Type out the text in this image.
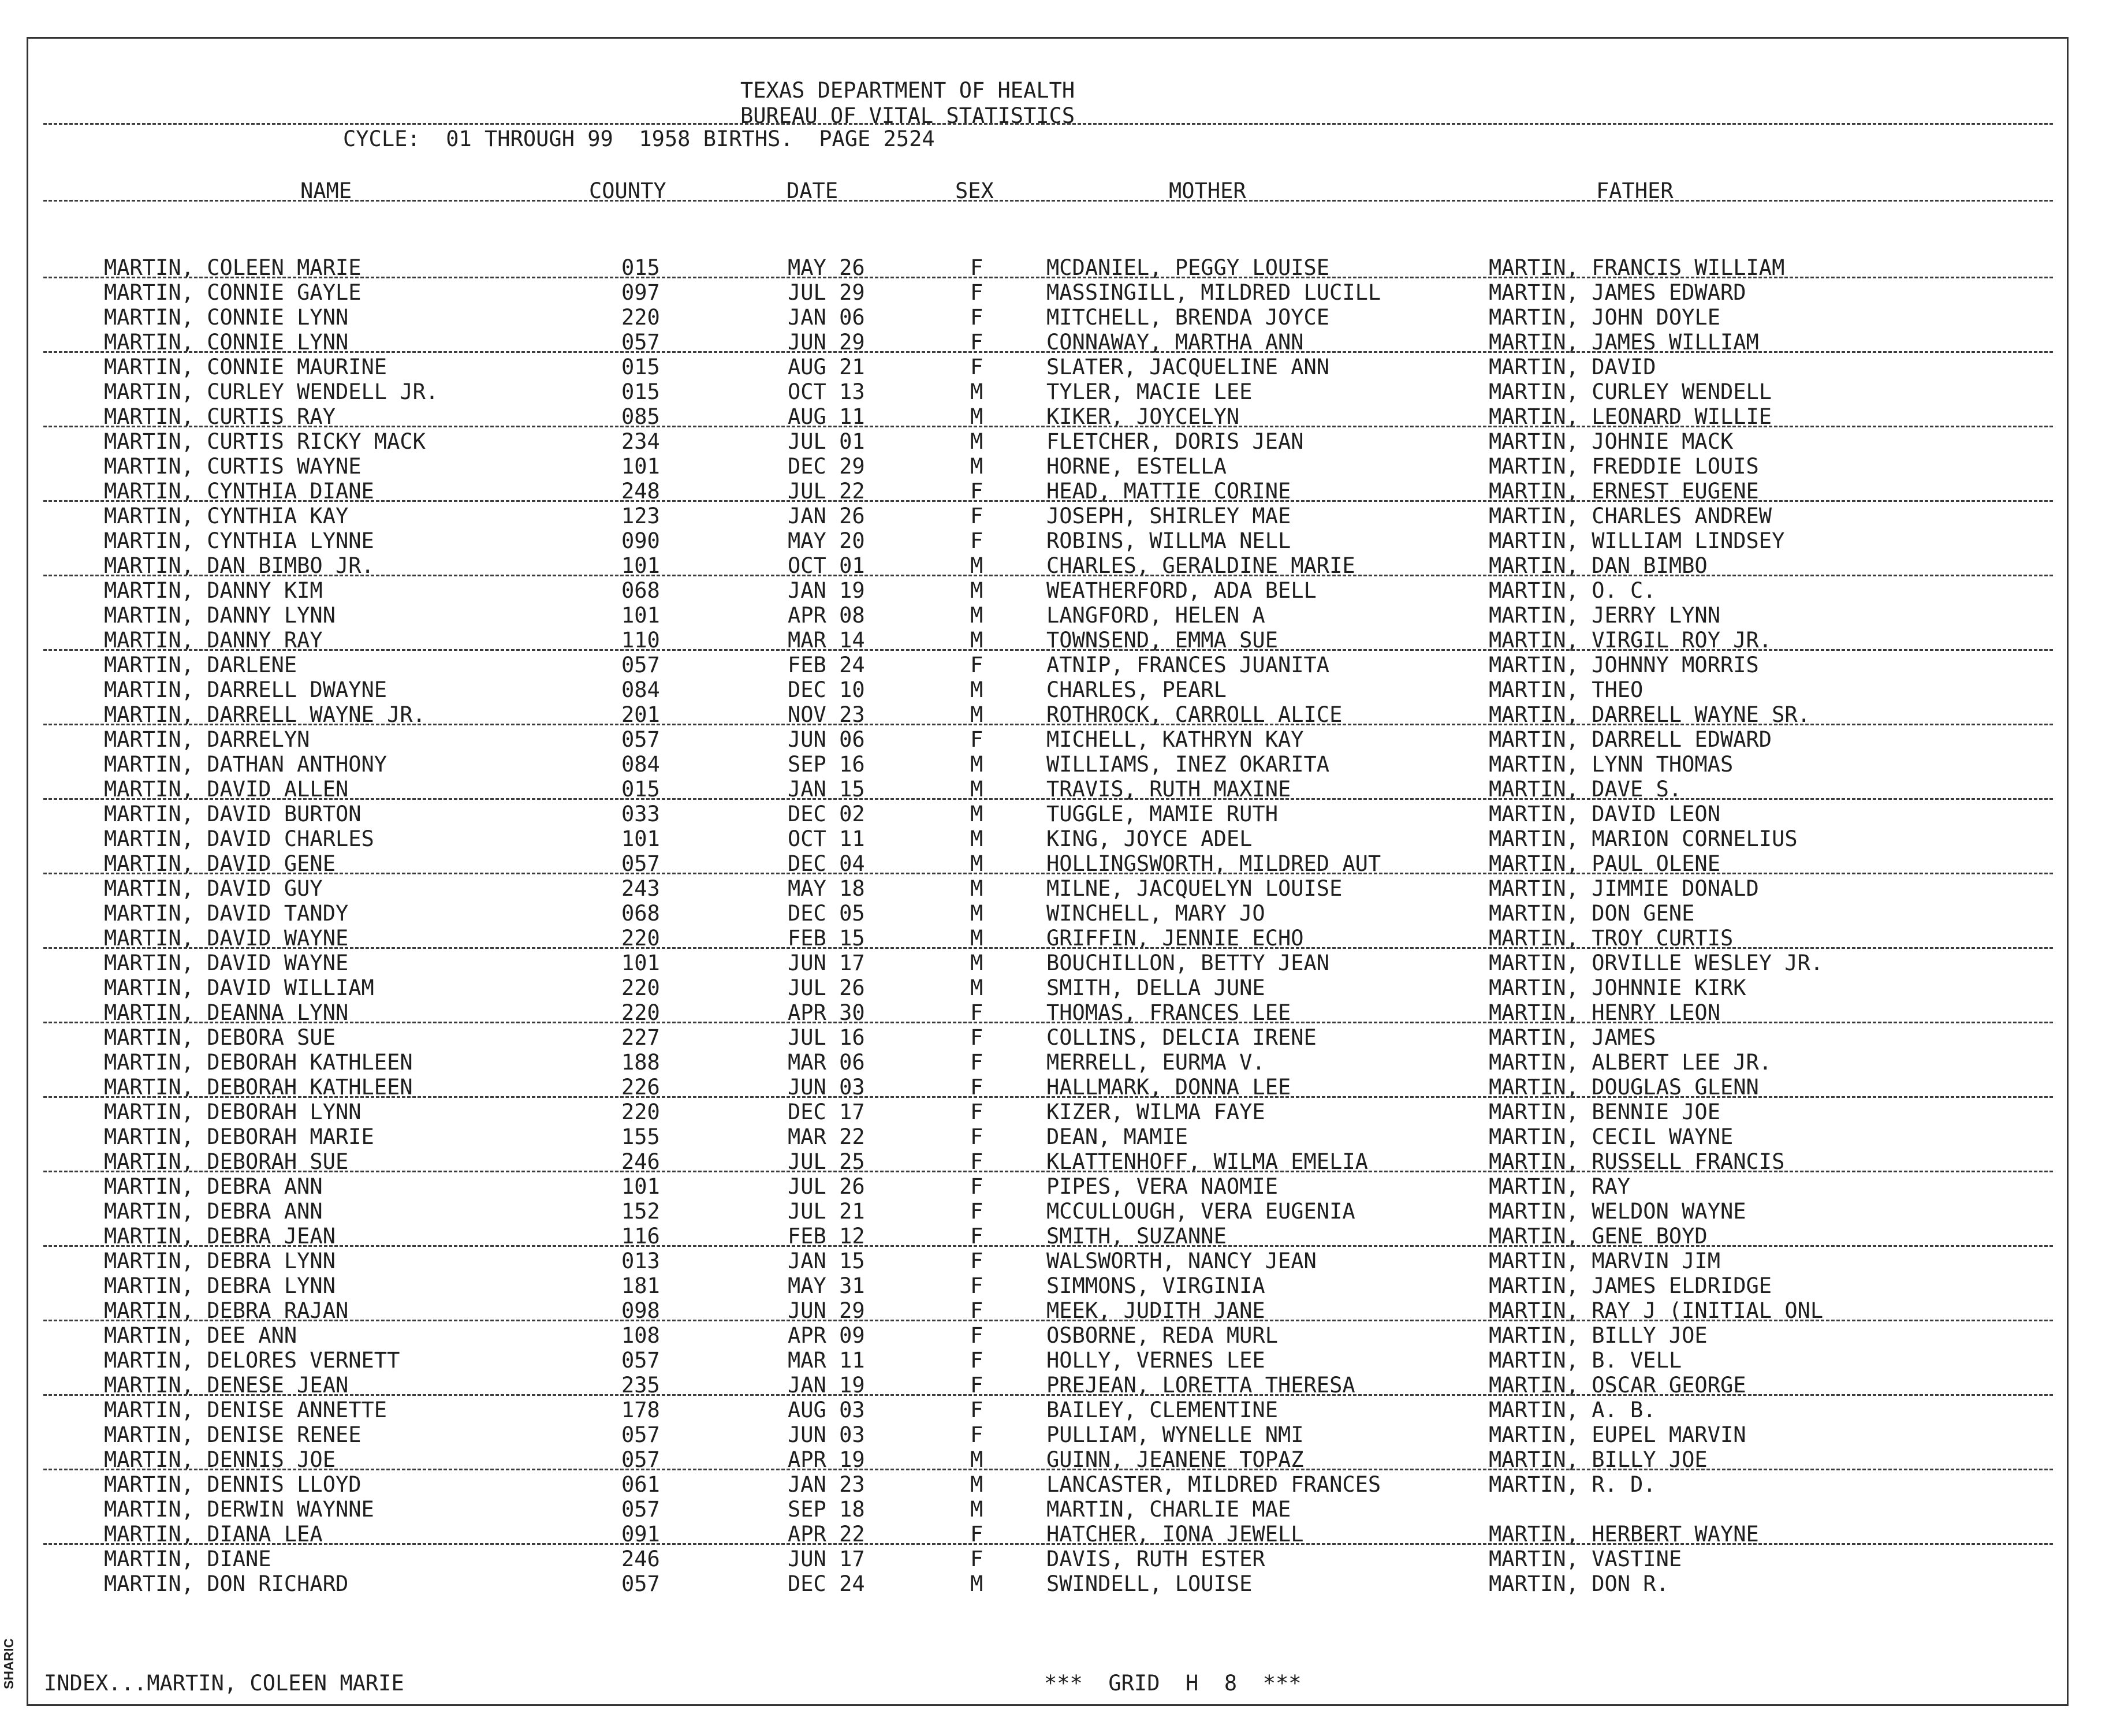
SHARIC
TEXAS DEPARTMENT OF HEALTH
BUREAU OF VITAL STATISTICS
CYCLE:  01 THROUGH 99  1958 BIRTHS.  PAGE 2524
NAME	COUNTY	DATE	SEX	MOTHER	FATHER
MARTIN, COLEEN MARIE	015	MAY 26	F	MCDANIEL, PEGGY LOUISE	MARTIN, FRANCIS WILLIAM
MARTIN, CONNIE GAYLE	097	JUL 29	F	MASSINGILL, MILDRED LUCILL	MARTIN, JAMES EDWARD
MARTIN, CONNIE LYNN	220	JAN 06	F	MITCHELL, BRENDA JOYCE	MARTIN, JOHN DOYLE
MARTIN, CONNIE LYNN	057	JUN 29	F	CONNAWAY, MARTHA ANN	MARTIN, JAMES WILLIAM
MARTIN, CONNIE MAURINE	015	AUG 21	F	SLATER, JACQUELINE ANN	MARTIN, DAVID
MARTIN, CURLEY WENDELL JR.	015	OCT 13	M	TYLER, MACIE LEE	MARTIN, CURLEY WENDELL
MARTIN, CURTIS RAY	085	AUG 11	M	KIKER, JOYCELYN	MARTIN, LEONARD WILLIE
MARTIN, CURTIS RICKY MACK	234	JUL 01	M	FLETCHER, DORIS JEAN	MARTIN, JOHNIE MACK
MARTIN, CURTIS WAYNE	101	DEC 29	M	HORNE, ESTELLA	MARTIN, FREDDIE LOUIS
MARTIN, CYNTHIA DIANE	248	JUL 22	F	HEAD, MATTIE CORINE	MARTIN, ERNEST EUGENE
MARTIN, CYNTHIA KAY	123	JAN 26	F	JOSEPH, SHIRLEY MAE	MARTIN, CHARLES ANDREW
MARTIN, CYNTHIA LYNNE	090	MAY 20	F	ROBINS, WILLMA NELL	MARTIN, WILLIAM LINDSEY
MARTIN, DAN BIMBO JR.	101	OCT 01	M	CHARLES, GERALDINE MARIE	MARTIN, DAN BIMBO
MARTIN, DANNY KIM	068	JAN 19	M	WEATHERFORD, ADA BELL	MARTIN, O. C.
MARTIN, DANNY LYNN	101	APR 08	M	LANGFORD, HELEN A	MARTIN, JERRY LYNN
MARTIN, DANNY RAY	110	MAR 14	M	TOWNSEND, EMMA SUE	MARTIN, VIRGIL ROY JR.
MARTIN, DARLENE	057	FEB 24	F	ATNIP, FRANCES JUANITA	MARTIN, JOHNNY MORRIS
MARTIN, DARRELL DWAYNE	084	DEC 10	M	CHARLES, PEARL	MARTIN, THEO
MARTIN, DARRELL WAYNE JR.	201	NOV 23	M	ROTHROCK, CARROLL ALICE	MARTIN, DARRELL WAYNE SR.
MARTIN, DARRELYN	057	JUN 06	F	MICHELL, KATHRYN KAY	MARTIN, DARRELL EDWARD
MARTIN, DATHAN ANTHONY	084	SEP 16	M	WILLIAMS, INEZ OKARITA	MARTIN, LYNN THOMAS
MARTIN, DAVID ALLEN	015	JAN 15	M	TRAVIS, RUTH MAXINE	MARTIN, DAVE S.
MARTIN, DAVID BURTON	033	DEC 02	M	TUGGLE, MAMIE RUTH	MARTIN, DAVID LEON
MARTIN, DAVID CHARLES	101	OCT 11	M	KING, JOYCE ADEL	MARTIN, MARION CORNELIUS
MARTIN, DAVID GENE	057	DEC 04	M	HOLLINGSWORTH, MILDRED AUT	MARTIN, PAUL OLENE
MARTIN, DAVID GUY	243	MAY 18	M	MILNE, JACQUELYN LOUISE	MARTIN, JIMMIE DONALD
MARTIN, DAVID TANDY	068	DEC 05	M	WINCHELL, MARY JO	MARTIN, DON GENE
MARTIN, DAVID WAYNE	220	FEB 15	M	GRIFFIN, JENNIE ECHO	MARTIN, TROY CURTIS
MARTIN, DAVID WAYNE	101	JUN 17	M	BOUCHILLON, BETTY JEAN	MARTIN, ORVILLE WESLEY JR.
MARTIN, DAVID WILLIAM	220	JUL 26	M	SMITH, DELLA JUNE	MARTIN, JOHNNIE KIRK
MARTIN, DEANNA LYNN	220	APR 30	F	THOMAS, FRANCES LEE	MARTIN, HENRY LEON
MARTIN, DEBORA SUE	227	JUL 16	F	COLLINS, DELCIA IRENE	MARTIN, JAMES
MARTIN, DEBORAH KATHLEEN	188	MAR 06	F	MERRELL, EURMA V.	MARTIN, ALBERT LEE JR.
MARTIN, DEBORAH KATHLEEN	226	JUN 03	F	HALLMARK, DONNA LEE	MARTIN, DOUGLAS GLENN
MARTIN, DEBORAH LYNN	220	DEC 17	F	KIZER, WILMA FAYE	MARTIN, BENNIE JOE
MARTIN, DEBORAH MARIE	155	MAR 22	F	DEAN, MAMIE	MARTIN, CECIL WAYNE
MARTIN, DEBORAH SUE	246	JUL 25	F	KLATTENHOFF, WILMA EMELIA	MARTIN, RUSSELL FRANCIS
MARTIN, DEBRA ANN	101	JUL 26	F	PIPES, VERA NAOMIE	MARTIN, RAY
MARTIN, DEBRA ANN	152	JUL 21	F	MCCULLOUGH, VERA EUGENIA	MARTIN, WELDON WAYNE
MARTIN, DEBRA JEAN	116	FEB 12	F	SMITH, SUZANNE	MARTIN, GENE BOYD
MARTIN, DEBRA LYNN	013	JAN 15	F	WALSWORTH, NANCY JEAN	MARTIN, MARVIN JIM
MARTIN, DEBRA LYNN	181	MAY 31	F	SIMMONS, VIRGINIA	MARTIN, JAMES ELDRIDGE
MARTIN, DEBRA RAJAN	098	JUN 29	F	MEEK, JUDITH JANE	MARTIN, RAY J (INITIAL ONL
MARTIN, DEE ANN	108	APR 09	F	OSBORNE, REDA MURL	MARTIN, BILLY JOE
MARTIN, DELORES VERNETT	057	MAR 11	F	HOLLY, VERNES LEE	MARTIN, B. VELL
MARTIN, DENESE JEAN	235	JAN 19	F	PREJEAN, LORETTA THERESA	MARTIN, OSCAR GEORGE
MARTIN, DENISE ANNETTE	178	AUG 03	F	BAILEY, CLEMENTINE	MARTIN, A. B.
MARTIN, DENISE RENEE	057	JUN 03	F	PULLIAM, WYNELLE NMI	MARTIN, EUPEL MARVIN
MARTIN, DENNIS JOE	057	APR 19	M	GUINN, JEANENE TOPAZ	MARTIN, BILLY JOE
MARTIN, DENNIS LLOYD	061	JAN 23	M	LANCASTER, MILDRED FRANCES	MARTIN, R. D.
MARTIN, DERWIN WAYNNE	057	SEP 18	M	MARTIN, CHARLIE MAE
MARTIN, DIANA LEA	091	APR 22	F	HATCHER, IONA JEWELL	MARTIN, HERBERT WAYNE
MARTIN, DIANE	246	JUN 17	F	DAVIS, RUTH ESTER	MARTIN, VASTINE
MARTIN, DON RICHARD	057	DEC 24	M	SWINDELL, LOUISE	MARTIN, DON R.
INDEX...MARTIN, COLEEN MARIE	***  GRID  H  8  ***
